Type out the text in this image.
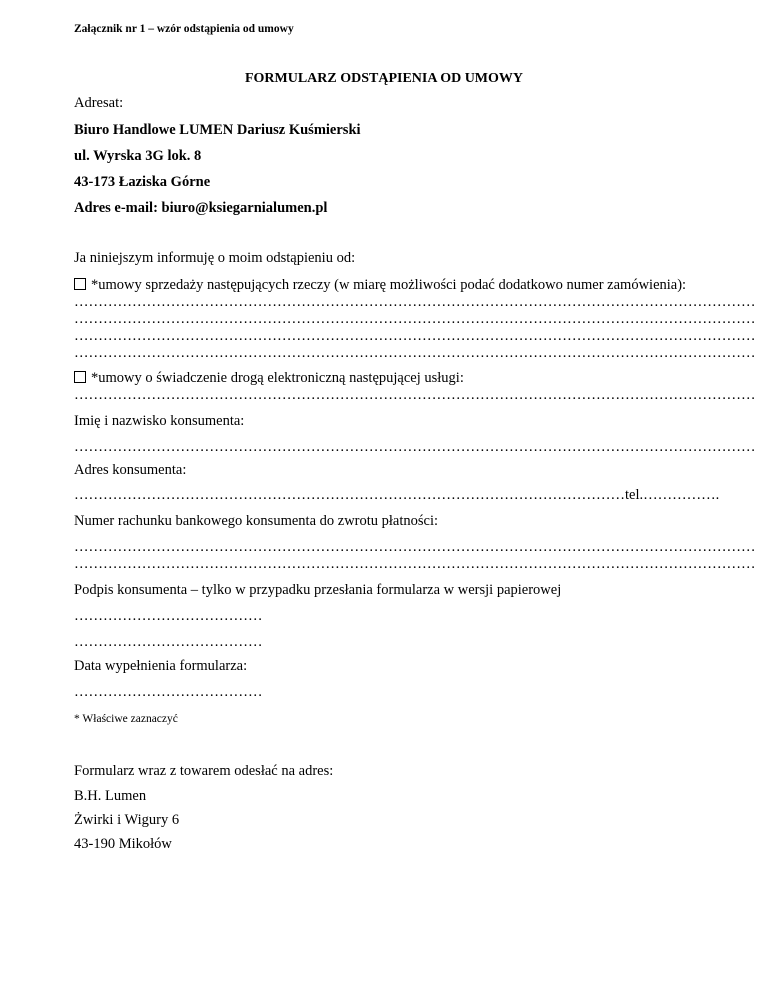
Załącznik nr 1 – wzór odstąpienia od umowy
FORMULARZ ODSTĄPIENIA OD UMOWY
Adresat:
Biuro Handlowe LUMEN Dariusz Kuśmierski
ul. Wyrska 3G lok. 8
43-173 Łaziska Górne
Adres e-mail: biuro@ksiegarnialumen.pl
Ja niniejszym informuję o moim odstąpieniu od:
*umowy sprzedaży następujących rzeczy (w miarę możliwości podać dodatkowo numer zamówienia):
……………………………………………………………………………………………………………………………
……………………………………………………………………………………………………………………………
……………………………………………………………………………………………………………………………
……………………………………………………………………………………………………………………………
*umowy o świadczenie drogą elektroniczną następującej usługi:
……………………………………………………………………………………………………………………………
Imię i nazwisko konsumenta:
……………………………………………………………………………………………………………………………
Adres konsumenta:
……………………………………………………………………………………………………tel.…………….
Numer rachunku bankowego konsumenta do zwrotu płatności:
……………………………………………………………………………………………………………………………
……………………………………………………………………………………………………………………………
Podpis konsumenta – tylko w przypadku przesłania formularza w wersji papierowej
…………………………………
…………………………………
Data wypełnienia formularza:
…………………………………
* Właściwe zaznaczyć
Formularz wraz z towarem odesłać na adres:
B.H. Lumen
Żwirki i Wigury 6
43-190 Mikołów
